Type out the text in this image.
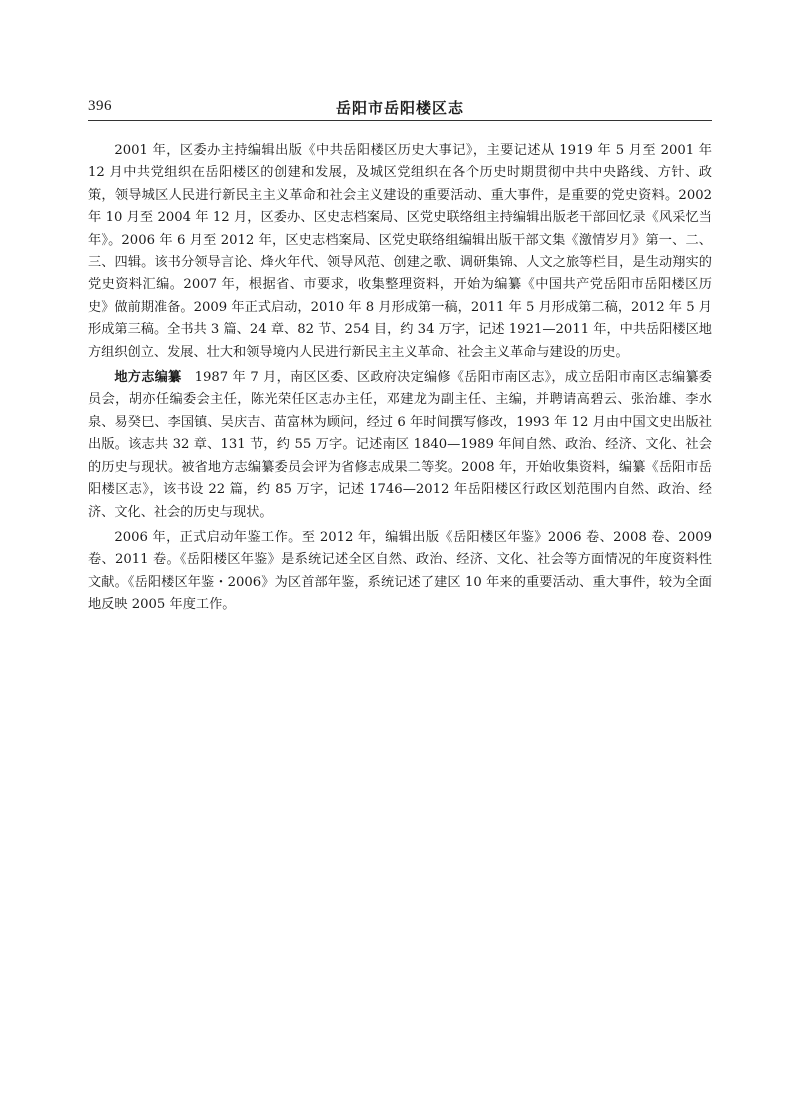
396	岳阳市岳阳楼区志

2001 年，区委办主持编辑出版《中共岳阳楼区历史大事记》，主要记述从 1919 年 5 月至 2001 年 12 月中共党组织在岳阳楼区的创建和发展，及城区党组织在各个历史时期贯彻中共中央路线、方针、政策，领导城区人民进行新民主主义革命和社会主义建设的重要活动、重大事件，是重要的党史资料。2002 年 10 月至 2004 年 12 月，区委办、区史志档案局、区党史联络组主持编辑出版老干部回忆录《风采忆当年》。2006 年 6 月至 2012 年，区史志档案局、区党史联络组编辑出版干部文集《激情岁月》第一、二、三、四辑。该书分领导言论、烽火年代、领导风范、创建之歌、调研集锦、人文之旅等栏目，是生动翔实的党史资料汇编。2007 年，根据省、市要求，收集整理资料，开始为编纂《中国共产党岳阳市岳阳楼区历史》做前期准备。2009 年正式启动，2010 年 8 月形成第一稿，2011 年 5 月形成第二稿，2012 年 5 月形成第三稿。全书共 3 篇、24 章、82 节、254 目，约 34 万字，记述 1921—2011 年，中共岳阳楼区地方组织创立、发展、壮大和领导境内人民进行新民主主义革命、社会主义革命与建设的历史。

地方志编纂 1987 年 7 月，南区区委、区政府决定编修《岳阳市南区志》，成立岳阳市南区志编纂委员会，胡亦任编委会主任，陈光荣任区志办主任，邓建龙为副主任、主编，并聘请高碧云、张治雄、李水泉、易癸巳、李国镇、吴庆吉、苗富林为顾问，经过 6 年时间撰写修改，1993 年 12 月由中国文史出版社出版。该志共 32 章、131 节，约 55 万字。记述南区 1840—1989 年间自然、政治、经济、文化、社会的历史与现状。被省地方志编纂委员会评为省修志成果二等奖。2008 年，开始收集资料，编纂《岳阳市岳阳楼区志》，该书设 22 篇，约 85 万字，记述 1746—2012 年岳阳楼区行政区划范围内自然、政治、经济、文化、社会的历史与现状。

2006 年，正式启动年鉴工作。至 2012 年，编辑出版《岳阳楼区年鉴》2006 卷、2008 卷、2009 卷、2011 卷。《岳阳楼区年鉴》是系统记述全区自然、政治、经济、文化、社会等方面情况的年度资料性文献。《岳阳楼区年鉴・2006》为区首部年鉴，系统记述了建区 10 年来的重要活动、重大事件，较为全面地反映 2005 年度工作。
